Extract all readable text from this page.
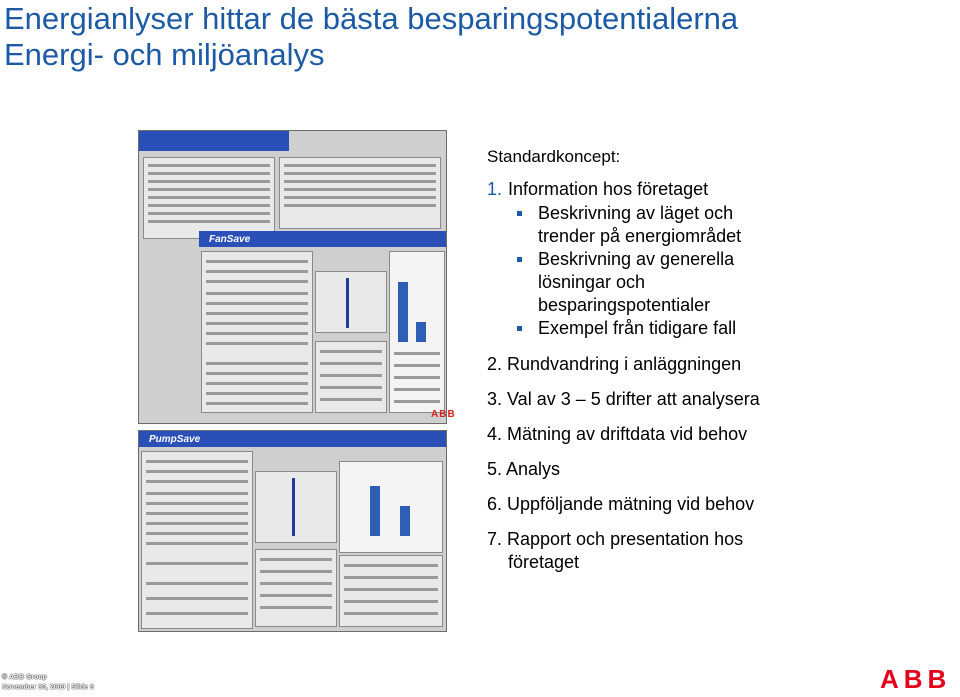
Energianlyser hittar de bästa besparingspotentialerna
Energi- och miljöanalys
FanSave
ABB
PumpSave
Standardkoncept:
1. Information hos företaget
Beskrivning av läget och
trender på energiområdet
Beskrivning av generella
lösningar och
besparingspotentialer
Exempel från tidigare fall
2. Rundvandring i anläggningen
3. Val av 3 – 5 drifter att analysera
4. Mätning av driftdata vid behov
5. Analys
6. Uppföljande mätning vid behov
7. Rapport och presentation hos
företaget
© ABB Group
November 30, 2009 | Slide 9	ABB
